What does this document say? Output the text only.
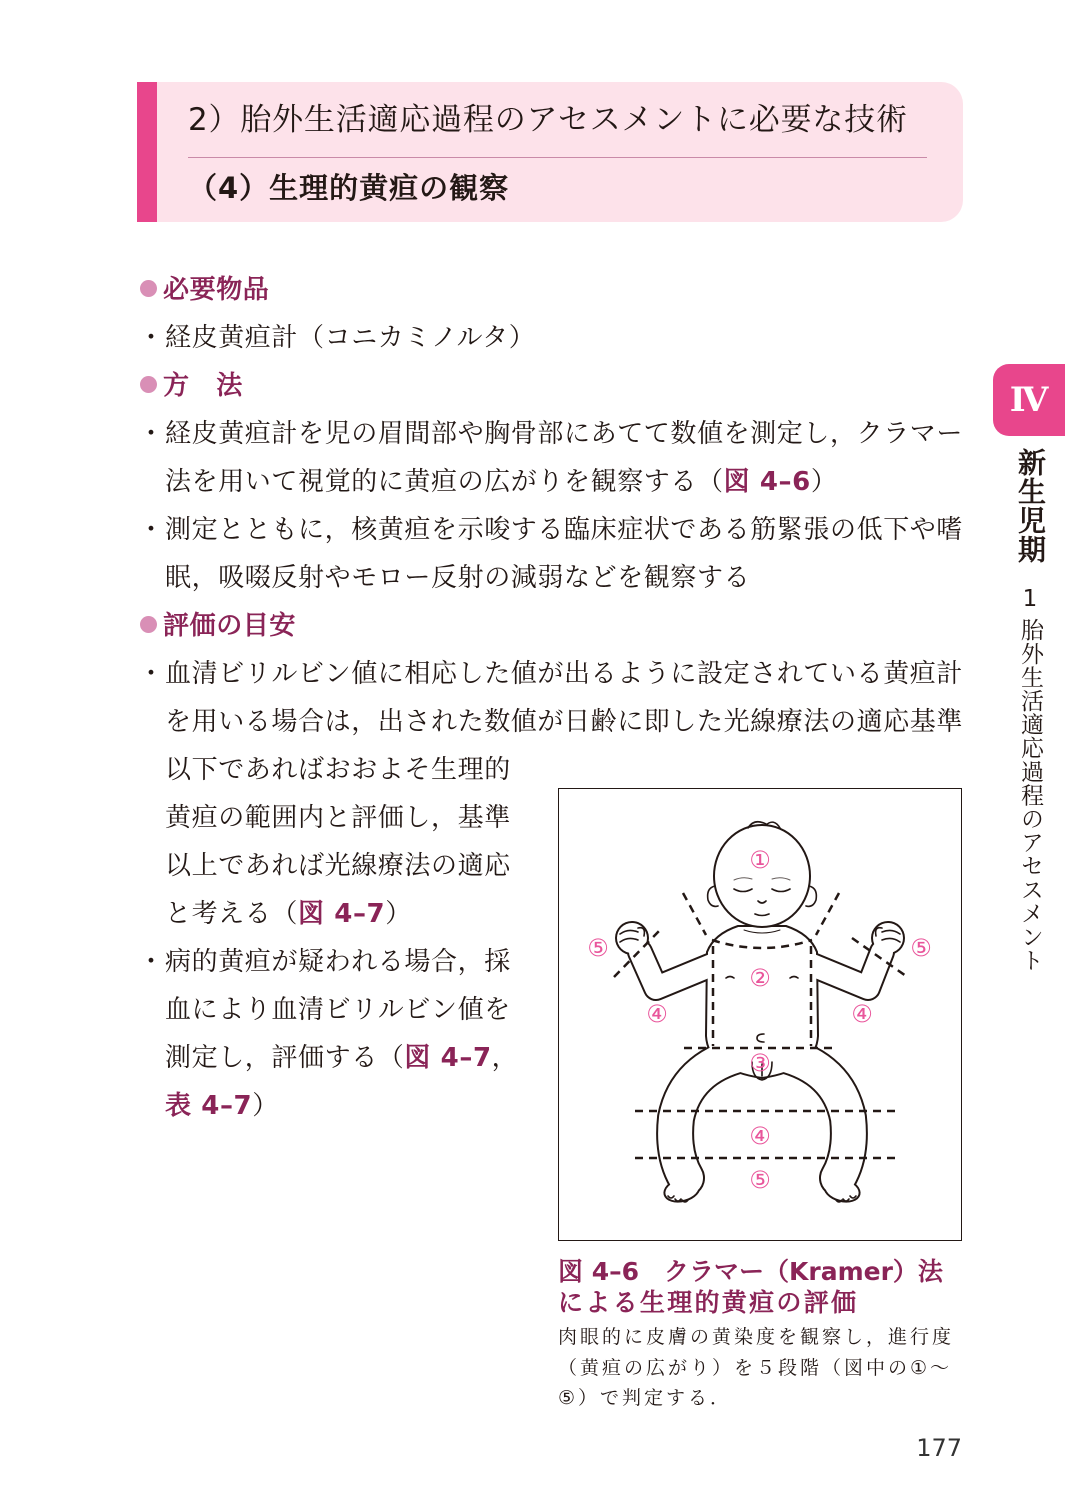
2）胎外生活適応過程のアセスメントに必要な技術
（4）生理的黄疸の観察
必要物品
・経皮黄疸計（コニカミノルタ）
方　法
・経皮黄疸計を児の眉間部や胸骨部にあてて数値を測定し，クラマー
法を用いて視覚的に黄疸の広がりを観察する（図 4–6）
・測定とともに，核黄疸を示唆する臨床症状である筋緊張の低下や嗜
眠，吸啜反射やモロー反射の減弱などを観察する
評価の目安
・血清ビリルビン値に相応した値が出るように設定されている黄疸計
を用いる場合は，出された数値が日齢に即した光線療法の適応基準
以下であればおおよそ生理的
黄疸の範囲内と評価し，基準
以上であれば光線療法の適応
と考える（図 4–7）
・病的黄疸が疑われる場合，採
血により血清ビリルビン値を
測定し，評価する（図 4–7，
表 4–7）
①
②
③
④	④
④
⑤	⑤
⑤
図 4–6　クラマー（Kramer）法
による生理的黄疸の評価
肉眼的に皮膚の黄染度を観察し，進行度
（黄疸の広がり）を５段階（図中の①〜
⑤）で判定する．
Ⅳ
新生児期
1
胎外生活適応過程のアセスメント
177
